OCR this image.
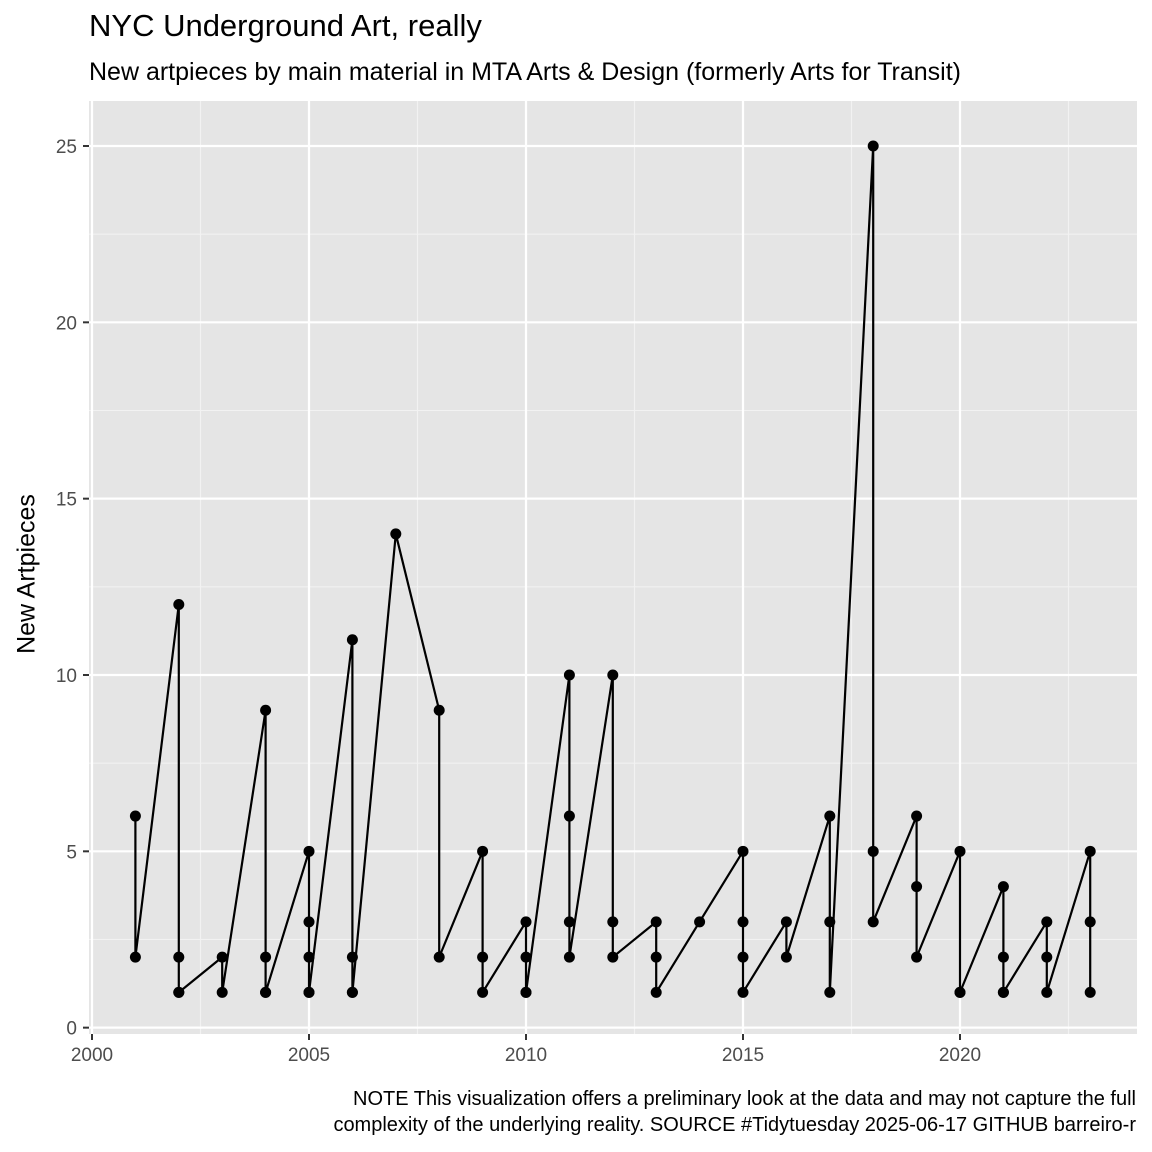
NYC Underground Art, really
New artpieces by main material in MTA Arts & Design (formerly Arts for Transit)
New Artpieces
2000	2005	2010	2015	2020
0
5
10
15
20
25
NOTE This visualization offers a preliminary look at the data and may not capture the full
complexity of the underlying reality. SOURCE #Tidytuesday 2025-06-17 GITHUB barreiro-r
